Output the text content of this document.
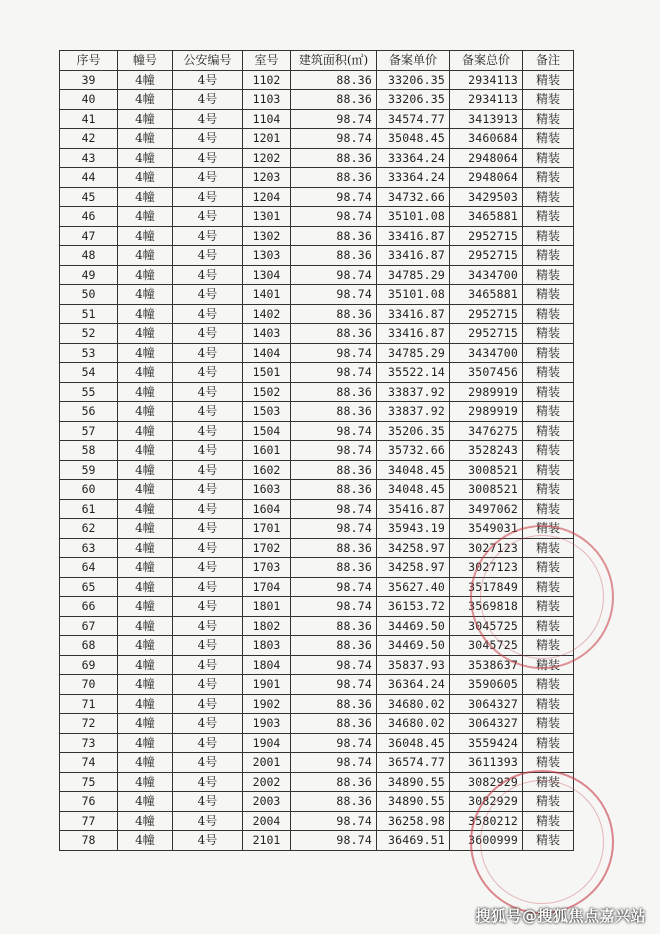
序号	幢号	公安编号	室号	建筑面积(㎡)	备案单价	备案总价	备注
39	4幢	4号	1102	88.36	33206.35	2934113	精装
40	4幢	4号	1103	88.36	33206.35	2934113	精装
41	4幢	4号	1104	98.74	34574.77	3413913	精装
42	4幢	4号	1201	98.74	35048.45	3460684	精装
43	4幢	4号	1202	88.36	33364.24	2948064	精装
44	4幢	4号	1203	88.36	33364.24	2948064	精装
45	4幢	4号	1204	98.74	34732.66	3429503	精装
46	4幢	4号	1301	98.74	35101.08	3465881	精装
47	4幢	4号	1302	88.36	33416.87	2952715	精装
48	4幢	4号	1303	88.36	33416.87	2952715	精装
49	4幢	4号	1304	98.74	34785.29	3434700	精装
50	4幢	4号	1401	98.74	35101.08	3465881	精装
51	4幢	4号	1402	88.36	33416.87	2952715	精装
52	4幢	4号	1403	88.36	33416.87	2952715	精装
53	4幢	4号	1404	98.74	34785.29	3434700	精装
54	4幢	4号	1501	98.74	35522.14	3507456	精装
55	4幢	4号	1502	88.36	33837.92	2989919	精装
56	4幢	4号	1503	88.36	33837.92	2989919	精装
57	4幢	4号	1504	98.74	35206.35	3476275	精装
58	4幢	4号	1601	98.74	35732.66	3528243	精装
59	4幢	4号	1602	88.36	34048.45	3008521	精装
60	4幢	4号	1603	88.36	34048.45	3008521	精装
61	4幢	4号	1604	98.74	35416.87	3497062	精装
62	4幢	4号	1701	98.74	35943.19	3549031	精装
63	4幢	4号	1702	88.36	34258.97	3027123	精装
64	4幢	4号	1703	88.36	34258.97	3027123	精装
65	4幢	4号	1704	98.74	35627.40	3517849	精装
66	4幢	4号	1801	98.74	36153.72	3569818	精装
67	4幢	4号	1802	88.36	34469.50	3045725	精装
68	4幢	4号	1803	88.36	34469.50	3045725	精装
69	4幢	4号	1804	98.74	35837.93	3538637	精装
70	4幢	4号	1901	98.74	36364.24	3590605	精装
71	4幢	4号	1902	88.36	34680.02	3064327	精装
72	4幢	4号	1903	88.36	34680.02	3064327	精装
73	4幢	4号	1904	98.74	36048.45	3559424	精装
74	4幢	4号	2001	98.74	36574.77	3611393	精装
75	4幢	4号	2002	88.36	34890.55	3082929	精装
76	4幢	4号	2003	88.36	34890.55	3082929	精装
77	4幢	4号	2004	98.74	36258.98	3580212	精装
78	4幢	4号	2101	98.74	36469.51	3600999	精装
搜狐号@搜狐焦点嘉兴站
